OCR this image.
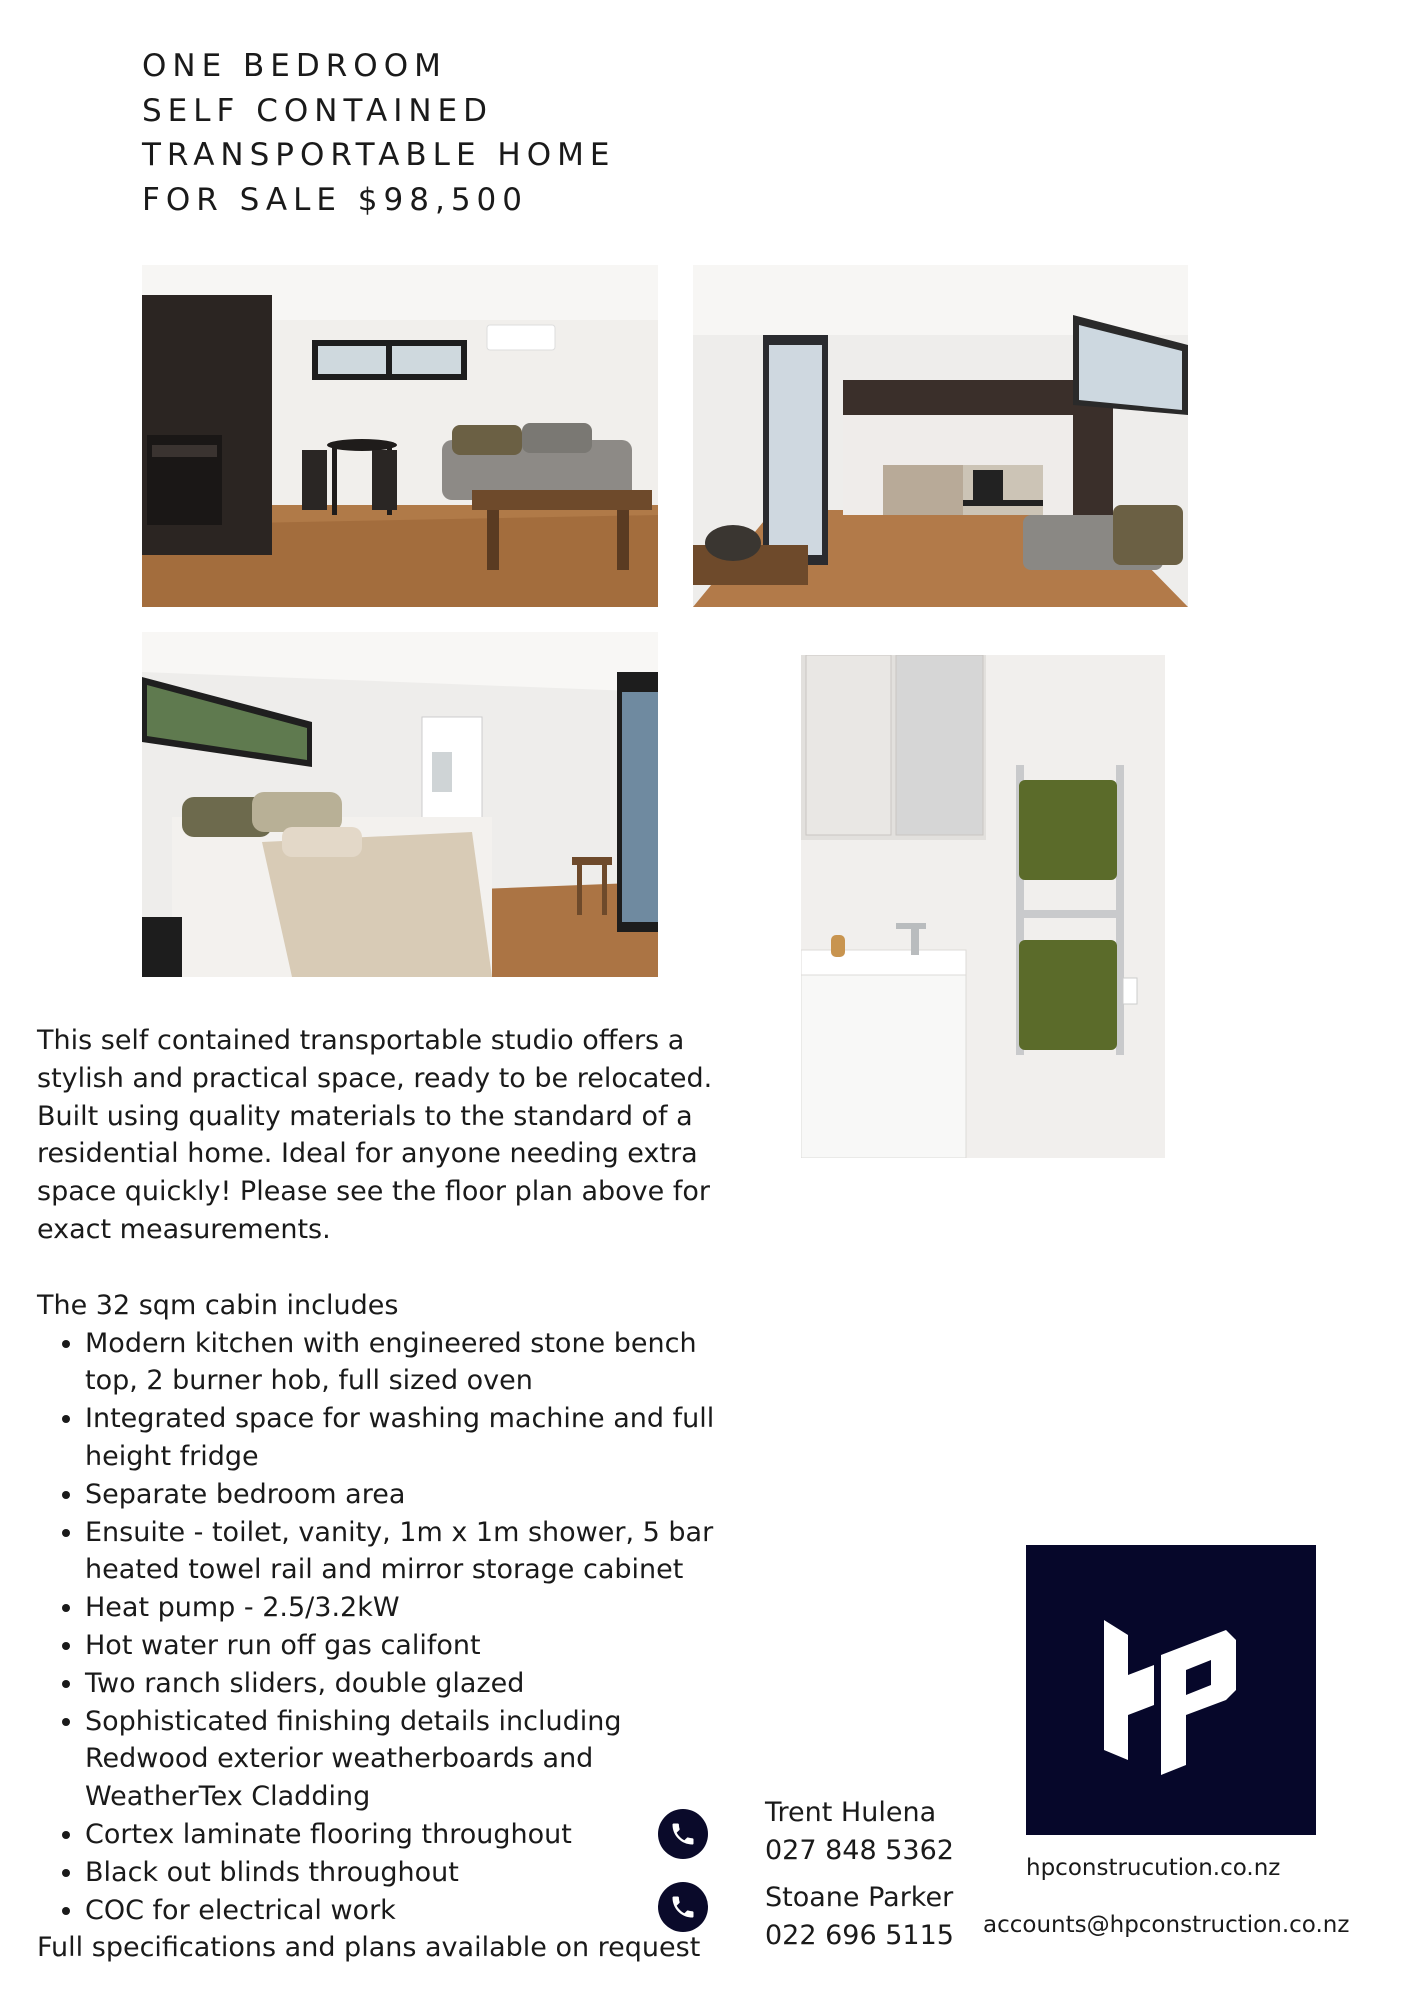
ONE BEDROOM
SELF CONTAINED
TRANSPORTABLE HOME
FOR SALE $98,500

This self contained transportable studio offers a stylish and practical space, ready to be relocated. Built using quality materials to the standard of a residential home. Ideal for anyone needing extra space quickly! Please see the floor plan above for exact measurements.

The 32 sqm cabin includes

• Modern kitchen with engineered stone bench top, 2 burner hob, full sized oven
• Integrated space for washing machine and full height fridge
• Separate bedroom area
• Ensuite - toilet, vanity, 1m x 1m shower, 5 bar heated towel rail and mirror storage cabinet
• Heat pump - 2.5/3.2kW
• Hot water run off gas califont
• Two ranch sliders, double glazed
• Sophisticated finishing details including Redwood exterior weatherboards and WeatherTex Cladding
• Cortex laminate flooring throughout
• Black out blinds throughout
• COC for electrical work

Full specifications and plans available on request

Trent Hulena
027 848 5362
Stoane Parker
022 696 5115
hpconstrucution.co.nz
accounts@hpconstruction.co.nz
